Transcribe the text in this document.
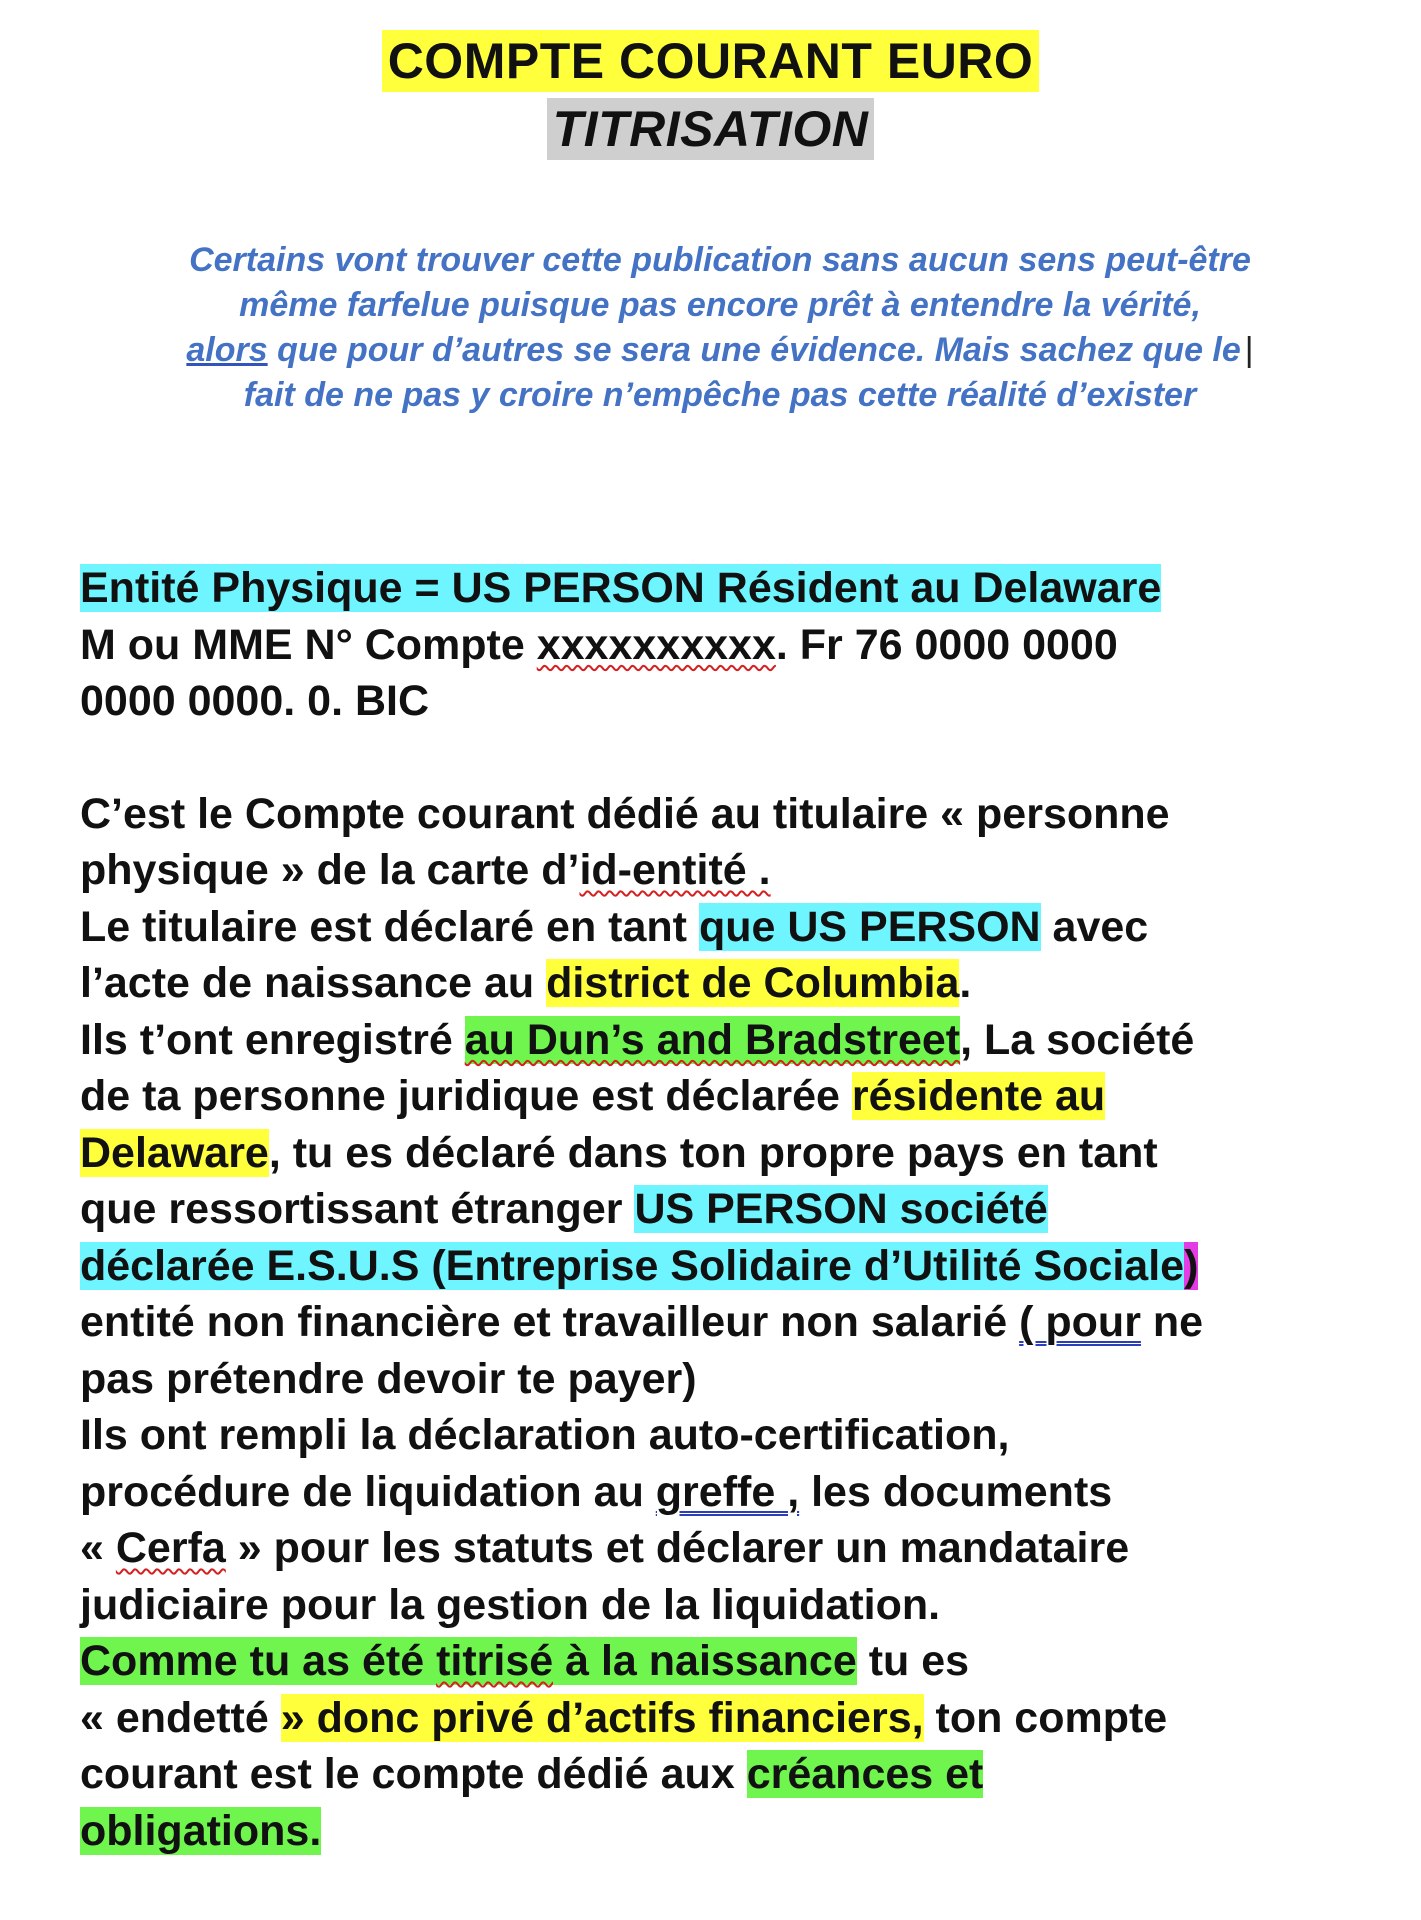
COMPTE COURANT EURO
TITRISATION
Certains vont trouver cette publication sans aucun sens peut-être
même farfelue puisque pas encore prêt à entendre la vérité,
alors que pour d’autres se sera une évidence. Mais sachez que le |
fait de ne pas y croire n’empêche pas cette réalité d’exister

Entité Physique = US PERSON Résident au Delaware

M ou MME N° Compte xxxxxxxxxx. Fr 76 0000 0000

0000 0000. 0. BIC

C’est le Compte courant dédié au titulaire « personne

physique » de la carte d’id-entité .

Le titulaire est déclaré en tant que US PERSON avec

l’acte de naissance au district de Columbia.

Ils t’ont enregistré au Dun’s and Bradstreet, La société

de ta personne juridique est déclarée résidente au

Delaware, tu es déclaré dans ton propre pays en tant

que ressortissant étranger US PERSON société

déclarée E.S.U.S (Entreprise Solidaire d’Utilité Sociale)

entité non financière et travailleur non salarié ( pour ne

pas prétendre devoir te payer)

Ils ont rempli la déclaration auto-certification,

procédure de liquidation au greffe , les documents

« Cerfa » pour les statuts et déclarer un mandataire

judiciaire pour la gestion de la liquidation.

Comme tu as été titrisé à la naissance tu es

« endetté » donc privé d’actifs financiers, ton compte

courant est le compte dédié aux créances et

obligations.
